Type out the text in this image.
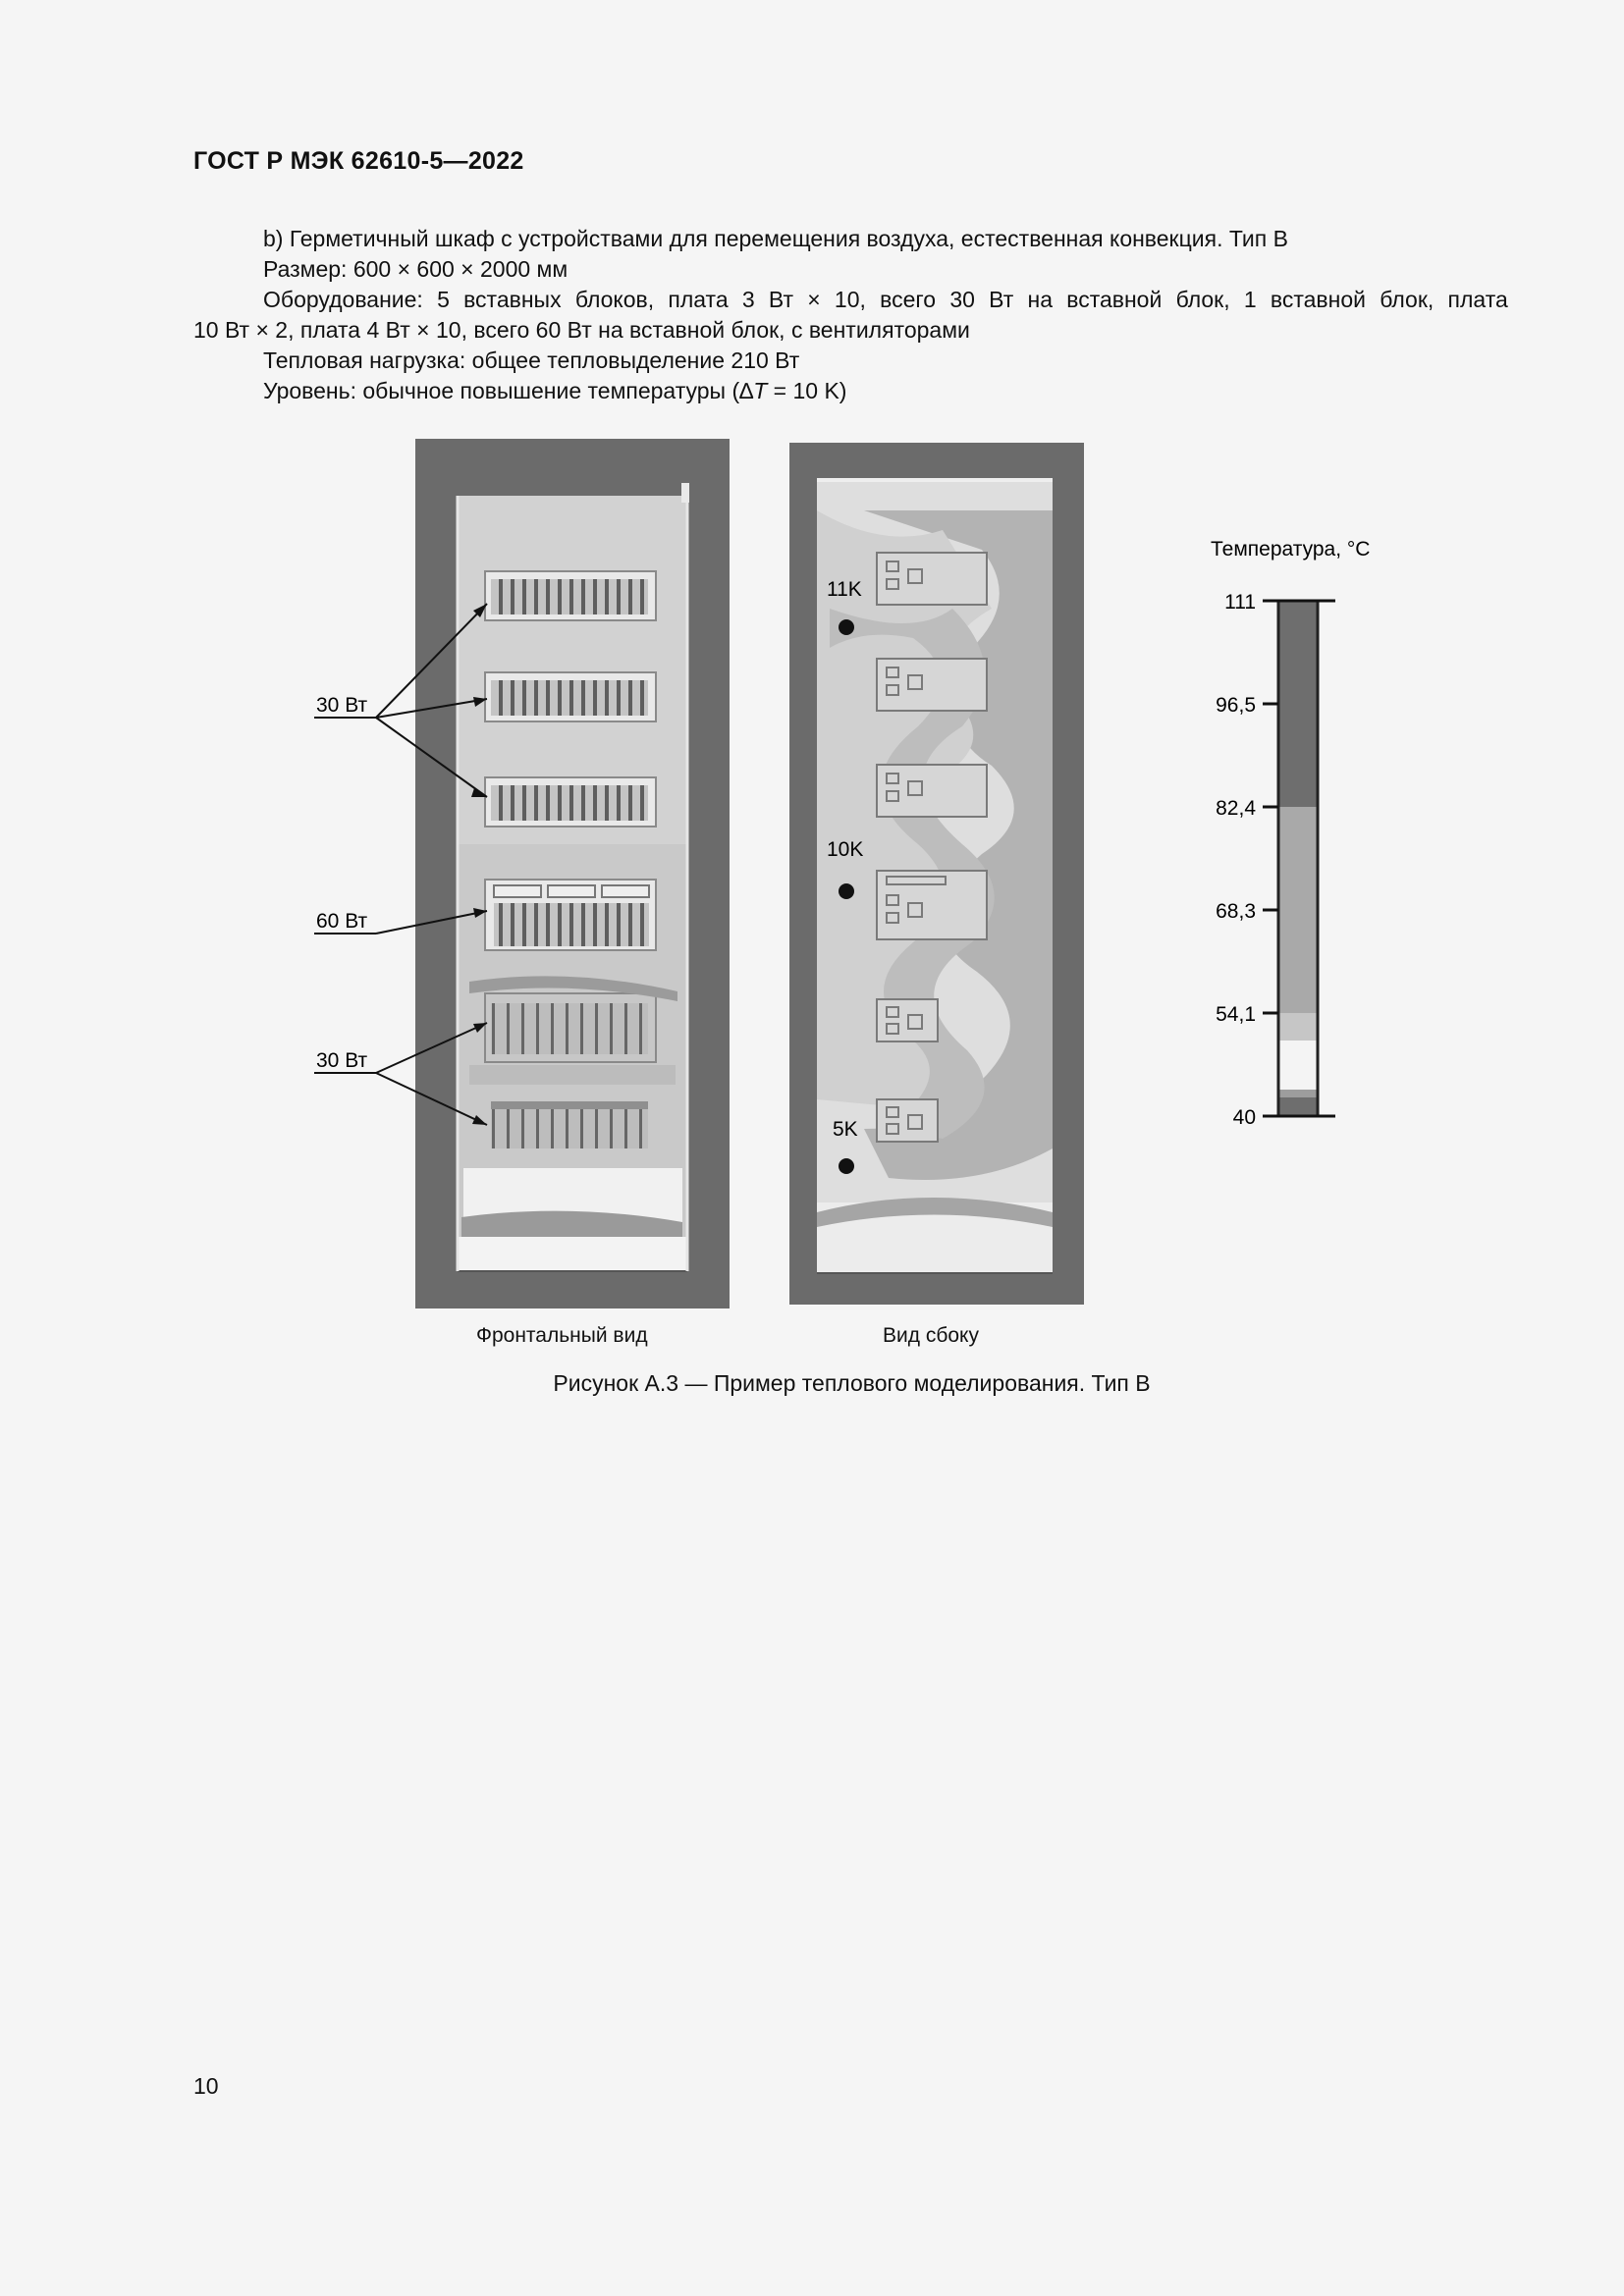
ГОСТ Р МЭК 62610-5—2022
b) Герметичный шкаф с устройствами для перемещения воздуха, естественная конвекция. Тип В
Размер: 600 × 600 × 2000 мм
Оборудование: 5 вставных блоков, плата 3 Вт × 10, всего 30 Вт на вставной блок, 1 вставной блок, плата
10 Вт × 2, плата 4 Вт × 10, всего 60 Вт на вставной блок, с вентиляторами
Тепловая нагрузка: общее тепловыделение 210 Вт
Уровень: обычное повышение температуры (∆T = 10 K)
30 Вт
60 Вт
30 Вт
11K
10K
5K
Температура, °C
111
96,5
82,4
68,3
54,1
40
Фронтальный вид	Вид сбоку
Рисунок А.3 — Пример теплового моделирования. Тип В
10
